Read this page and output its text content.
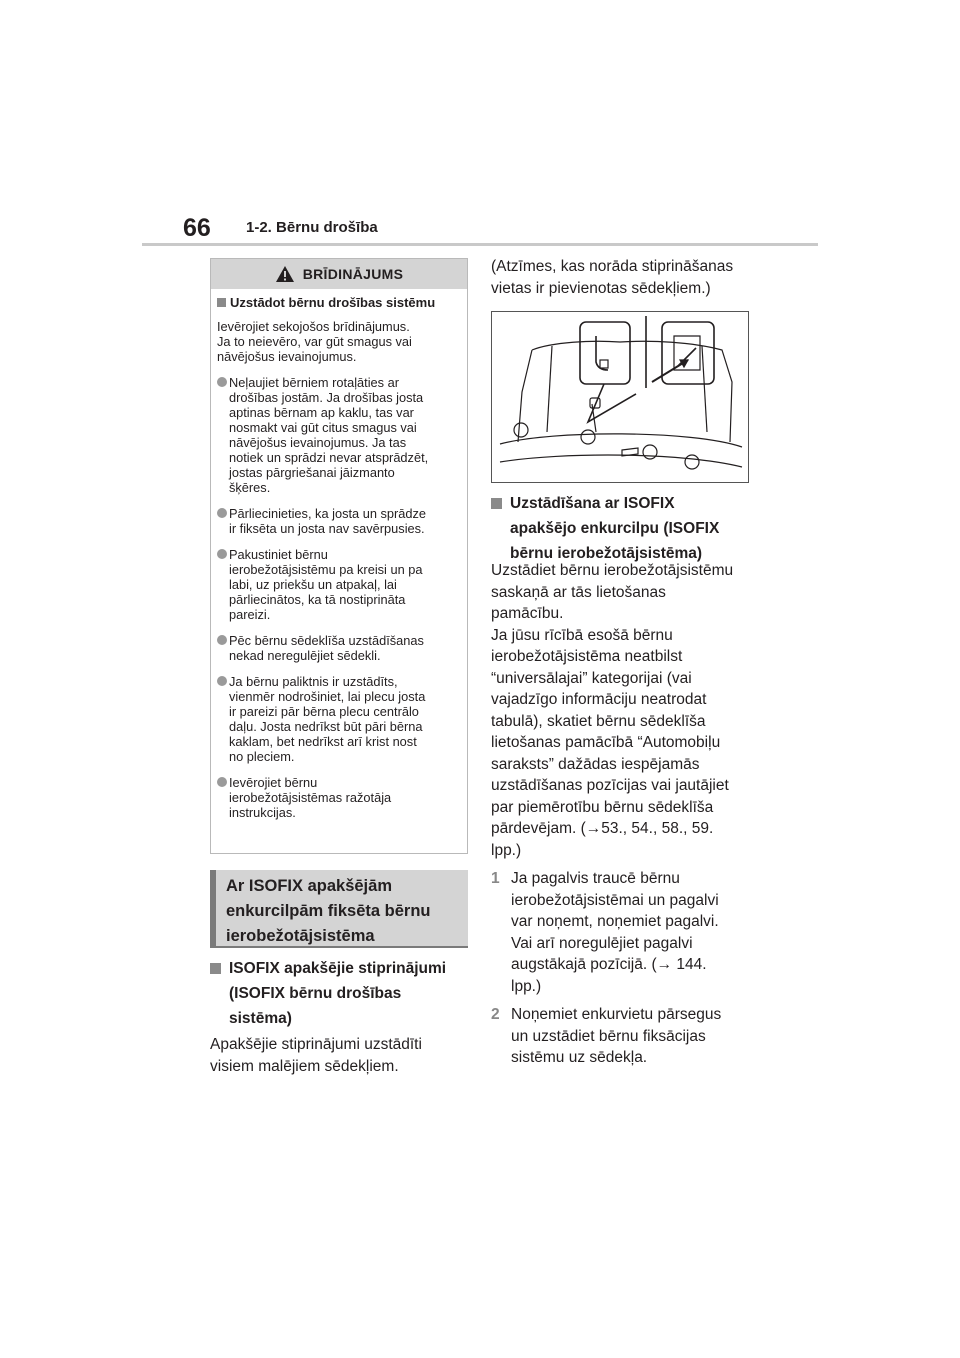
66 1-2. Bērnu drošība
BRĪDINĀJUMS
Uzstādot bērnu drošības sistēmu
Ievērojiet sekojošos brīdinājumus.
Ja to neievēro, var gūt smagus vai
nāvējošus ievainojumus.
Neļaujiet bērniem rotaļāties ar
drošības jostām. Ja drošības josta
aptinas bērnam ap kaklu, tas var
nosmakt vai gūt citus smagus vai
nāvējošus ievainojumus. Ja tas
notiek un sprādzi nevar atsprādzēt,
jostas pārgriešanai jāizmanto
šķēres.
Pārliecinieties, ka josta un sprādze
ir fiksēta un josta nav savērpusies.
Pakustiniet bērnu
ierobežotājsistēmu pa kreisi un pa
labi, uz priekšu un atpakaļ, lai
pārliecinātos, ka tā nostiprināta
pareizi.
Pēc bērnu sēdeklīša uzstādīšanas
nekad neregulējiet sēdekli.
Ja bērnu paliktnis ir uzstādīts,
vienmēr nodrošiniet, lai plecu josta
ir pareizi pār bērna plecu centrālo
daļu. Josta nedrīkst būt pāri bērna
kaklam, bet nedrīkst arī krist nost
no pleciem.
Ievērojiet bērnu
ierobežotājsistēmas ražotāja
instrukcijas.
Ar ISOFIX apakšējām
enkurcilpām fiksēta bērnu
ierobežotājsistēma
ISOFIX apakšējie stiprinājumi
(ISOFIX bērnu drošības
sistēma)
Apakšējie stiprinājumi uzstādīti
visiem malējiem sēdekļiem.
(Atzīmes, kas norāda stiprināšanas
vietas ir pievienotas sēdekļiem.)
Uzstādīšana ar ISOFIX
apakšējo enkurcilpu (ISOFIX
bērnu ierobežotājsistēma)
Uzstādiet bērnu ierobežotājsistēmu
saskaņā ar tās lietošanas
pamācību.
Ja jūsu rīcībā esošā bērnu
ierobežotājsistēma neatbilst
“universālajai” kategorijai (vai
vajadzīgo informāciju neatrodat
tabulā), skatiet bērnu sēdeklīša
lietošanas pamācībā “Automobiļu
saraksts” dažādas iespējamās
uzstādīšanas pozīcijas vai jautājiet
par piemērotību bērnu sēdeklīša
pārdevējam. (→53., 54., 58., 59.
lpp.)
1 Ja pagalvis traucē bērnu
ierobežotājsistēmai un pagalvi
var noņemt, noņemiet pagalvi.
Vai arī noregulējiet pagalvi
augstākajā pozīcijā. (→ 144.
lpp.)
2 Noņemiet enkurvietu pārsegus
un uzstādiet bērnu fiksācijas
sistēmu uz sēdekļa.
